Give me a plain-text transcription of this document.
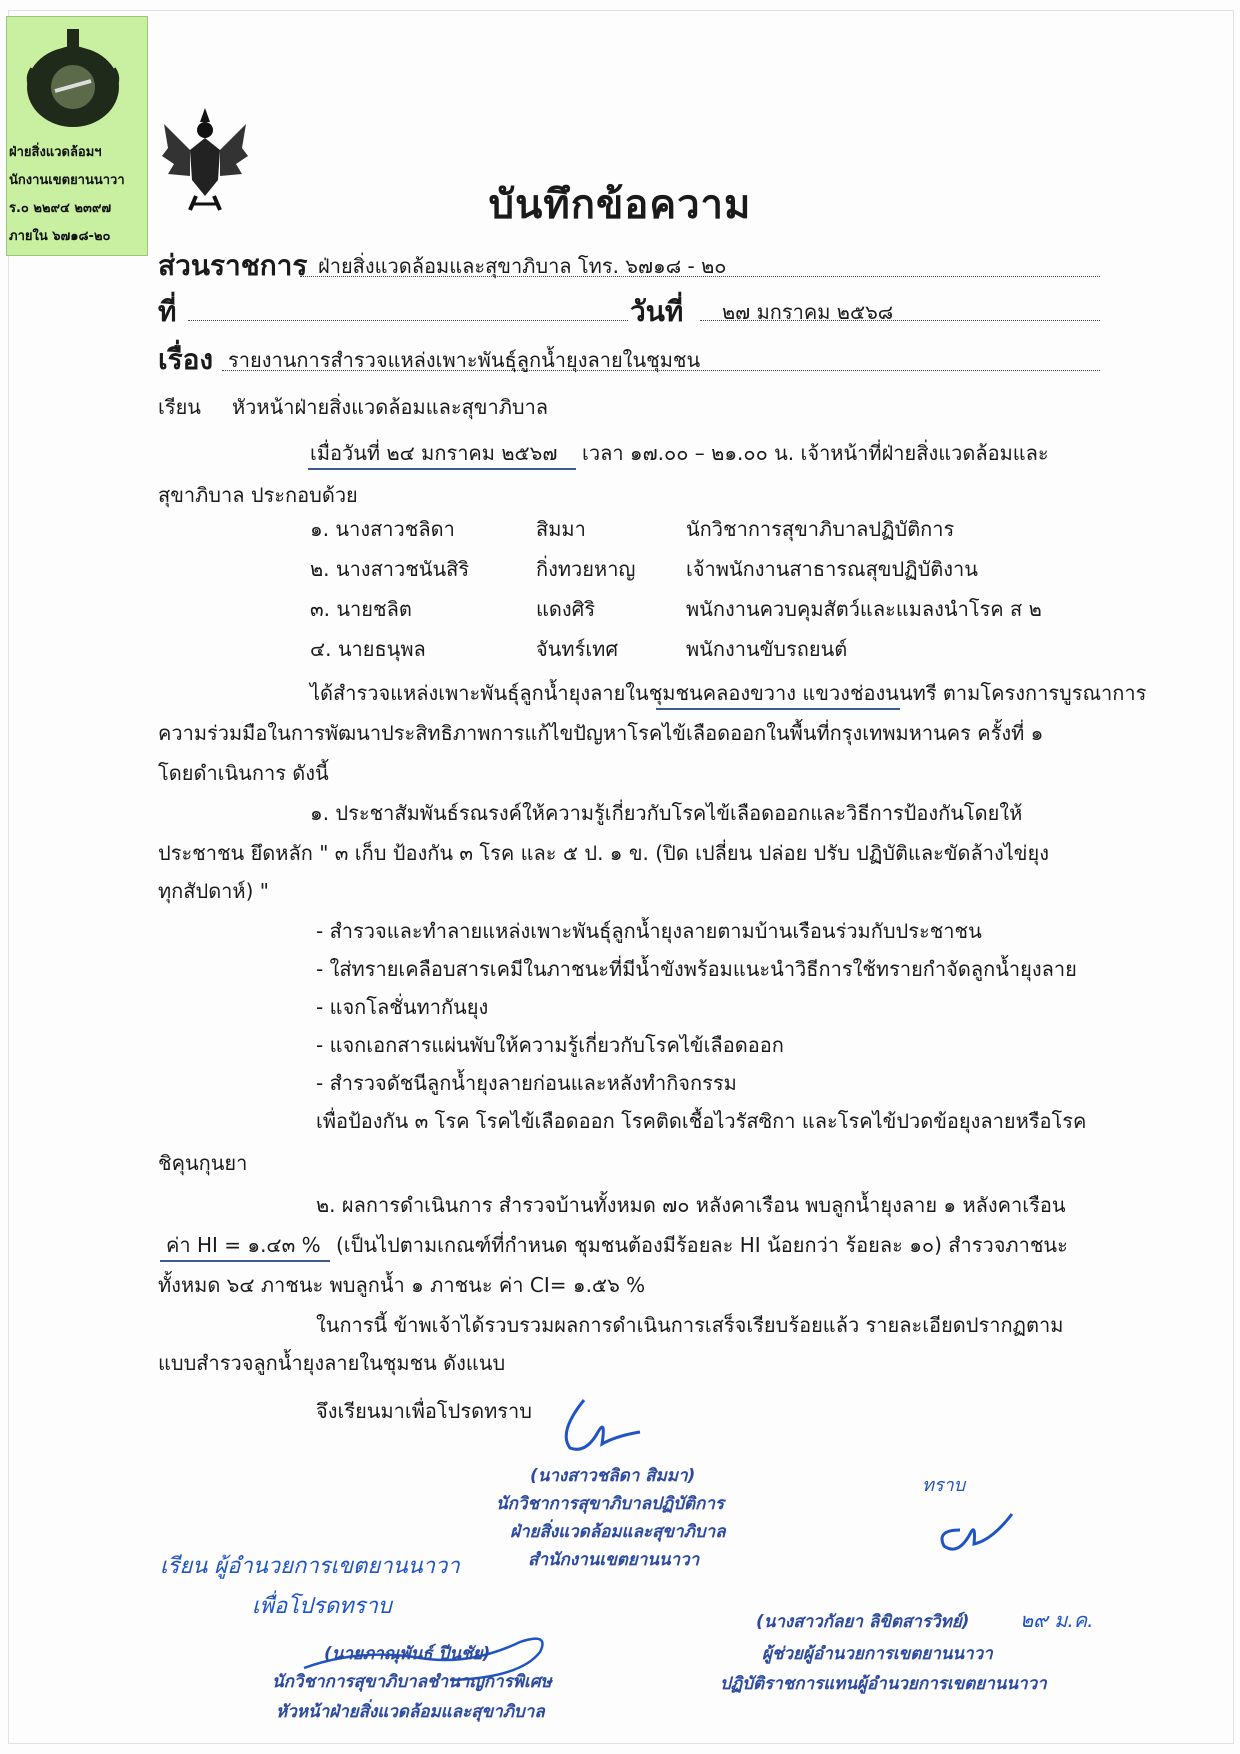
ฝ่ายสิ่งแวดล้อมฯ
นักงานเขตยานนาวา
ร.๐ ๒๒๙๔ ๒๓๙๗
ภายใน ๖๗๑๘-๒๐
บันทึกข้อความ
ส่วนราชการ ฝ่ายสิ่งแวดล้อมและสุขาภิบาล โทร. ๖๗๑๘ - ๒๐
ที่	วันที่ ๒๗ มกราคม ๒๕๖๘
เรื่อง รายงานการสำรวจแหล่งเพาะพันธุ์ลูกน้ำยุงลายในชุมชน
เรียน หัวหน้าฝ่ายสิ่งแวดล้อมและสุขาภิบาล
เมื่อวันที่ ๒๔ มกราคม ๒๕๖๗ เวลา ๑๗.๐๐ – ๒๑.๐๐ น. เจ้าหน้าที่ฝ่ายสิ่งแวดล้อมและ
สุขาภิบาล ประกอบด้วย
๑. นางสาวชลิดา	สิมมา	นักวิชาการสุขาภิบาลปฏิบัติการ
๒. นางสาวชนันสิริ	กิ่งทวยหาญ	เจ้าพนักงานสาธารณสุขปฏิบัติงาน
๓. นายชลิต	แดงศิริ	พนักงานควบคุมสัตว์และแมลงนำโรค ส ๒
๔. นายธนุพล	จันทร์เทศ	พนักงานขับรถยนต์
ได้สำรวจแหล่งเพาะพันธุ์ลูกน้ำยุงลายในชุมชนคลองขวาง แขวงช่องนนทรี ตามโครงการบูรณาการ
ความร่วมมือในการพัฒนาประสิทธิภาพการแก้ไขปัญหาโรคไข้เลือดออกในพื้นที่กรุงเทพมหานคร ครั้งที่ ๑
โดยดำเนินการ ดังนี้
๑. ประชาสัมพันธ์รณรงค์ให้ความรู้เกี่ยวกับโรคไข้เลือดออกและวิธีการป้องกันโดยให้
ประชาชน ยึดหลัก " ๓ เก็บ ป้องกัน ๓ โรค และ ๕ ป. ๑ ข. (ปิด เปลี่ยน ปล่อย ปรับ ปฏิบัติและขัดล้างไข่ยุง
ทุกสัปดาห์) "
- สำรวจและทำลายแหล่งเพาะพันธุ์ลูกน้ำยุงลายตามบ้านเรือนร่วมกับประชาชน
- ใส่ทรายเคลือบสารเคมีในภาชนะที่มีน้ำขังพร้อมแนะนำวิธีการใช้ทรายกำจัดลูกน้ำยุงลาย
- แจกโลชั่นทากันยุง
- แจกเอกสารแผ่นพับให้ความรู้เกี่ยวกับโรคไข้เลือดออก
- สำรวจดัชนีลูกน้ำยุงลายก่อนและหลังทำกิจกรรม
เพื่อป้องกัน ๓ โรค โรคไข้เลือดออก โรคติดเชื้อไวรัสซิกา และโรคไข้ปวดข้อยุงลายหรือโรค
ชิคุนกุนยา
๒. ผลการดำเนินการ สำรวจบ้านทั้งหมด ๗๐ หลังคาเรือน พบลูกน้ำยุงลาย ๑ หลังคาเรือน
ค่า HI = ๑.๔๓ % (เป็นไปตามเกณฑ์ที่กำหนด ชุมชนต้องมีร้อยละ HI น้อยกว่า ร้อยละ ๑๐) สำรวจภาชนะ
ทั้งหมด ๖๔ ภาชนะ พบลูกน้ำ ๑ ภาชนะ ค่า CI= ๑.๕๖ %
ในการนี้ ข้าพเจ้าได้รวบรวมผลการดำเนินการเสร็จเรียบร้อยแล้ว รายละเอียดปรากฏตาม
แบบสำรวจลูกน้ำยุงลายในชุมชน ดังแนบ
จึงเรียนมาเพื่อโปรดทราบ
(นางสาวชลิดา สิมมา)
นักวิชาการสุขาภิบาลปฏิบัติการ
ฝ่ายสิ่งแวดล้อมและสุขาภิบาล
สำนักงานเขตยานนาวา
เรียน ผู้อำนวยการเขตยานนาวา
เพื่อโปรดทราบ
(นายภาณุพันธ์ ปีนชัย)
นักวิชาการสุขาภิบาลชำนาญการพิเศษ
หัวหน้าฝ่ายสิ่งแวดล้อมและสุขาภิบาล
ทราบ
(นางสาวกัลยา ลิขิตสารวิทย์)	๒๙ ม.ค.
ผู้ช่วยผู้อำนวยการเขตยานนาวา
ปฏิบัติราชการแทนผู้อำนวยการเขตยานนาวา
